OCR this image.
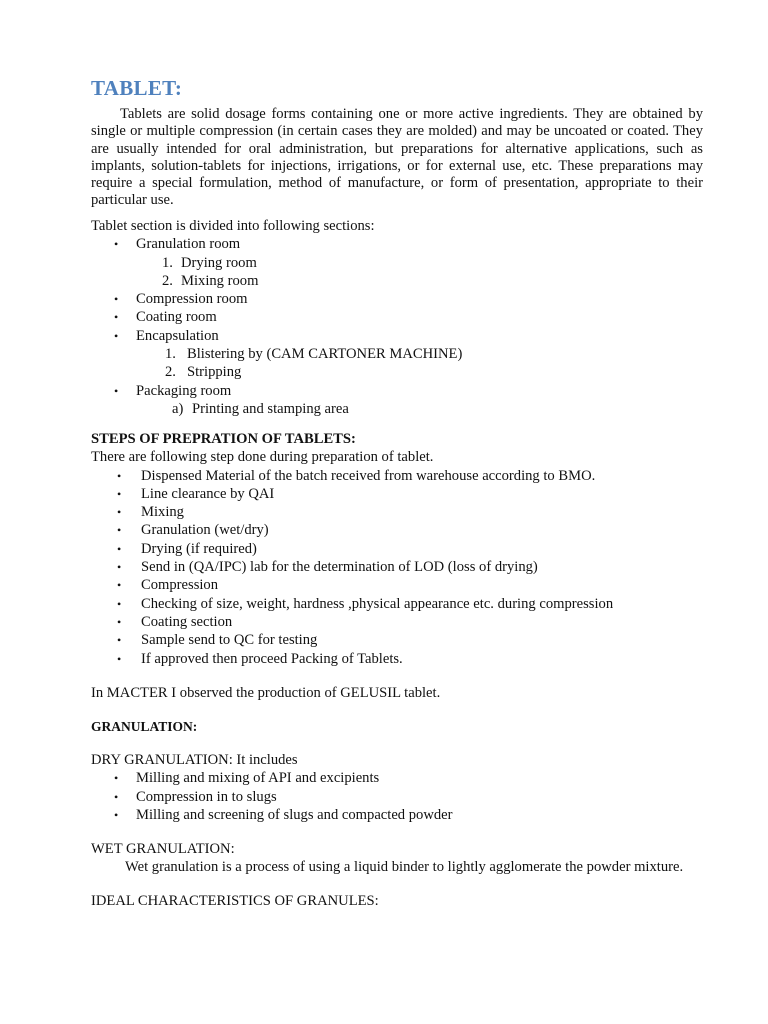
TABLET:
Tablets are solid dosage forms containing one or more active ingredients. They are obtained by single or multiple compression (in certain cases they are molded) and may be uncoated or coated. They are usually intended for oral administration, but preparations for alternative applications, such as implants, solution-tablets for injections, irrigations, or for external use, etc. These preparations may require a special formulation, method of manufacture, or form of presentation, appropriate to their particular use.
Tablet section is divided into following sections:
• Granulation room
1. Drying room
2. Mixing room
• Compression room
• Coating room
• Encapsulation
1. Blistering by (CAM CARTONER MACHINE)
2. Stripping
• Packaging room
a) Printing and stamping area
STEPS OF PREPRATION OF TABLETS:
There are following step done during preparation of tablet.
• Dispensed Material of the batch received from warehouse according to BMO.
• Line clearance by QAI
• Mixing
• Granulation (wet/dry)
• Drying (if required)
• Send in (QA/IPC) lab for the determination of LOD (loss of drying)
• Compression
• Checking of size, weight, hardness ,physical appearance etc. during compression
• Coating section
• Sample send to QC for testing
• If approved then proceed Packing of Tablets.
In MACTER I observed the production of GELUSIL tablet.
GRANULATION:
DRY GRANULATION: It includes
• Milling and mixing of API and excipients
• Compression in to slugs
• Milling and screening of slugs and compacted powder
WET GRANULATION:
Wet granulation is a process of using a liquid binder to lightly agglomerate the powder mixture.
IDEAL CHARACTERISTICS OF GRANULES:
